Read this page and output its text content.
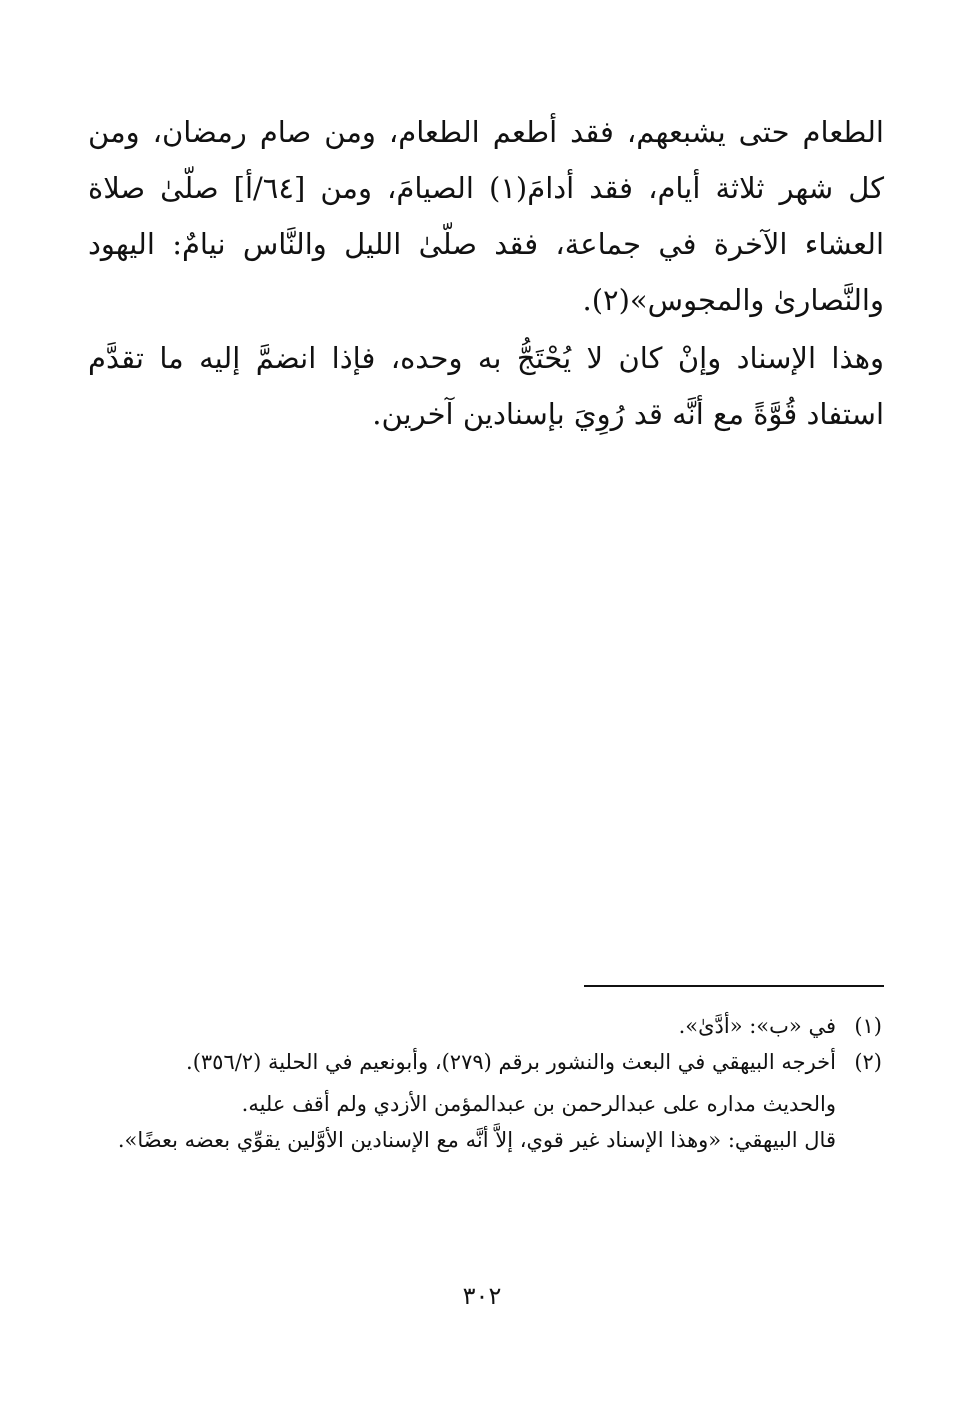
الطعام حتى يشبعهم، فقد أطعم الطعام، ومن صام رمضان، ومن كل شهر ثلاثة أيام، فقد أدامَ(١) الصيامَ، ومن [٦٤/أ] صلّىٰ صلاة العشاء الآخرة في جماعة، فقد صلّىٰ الليل والنَّاس نيامٌ: اليهود والنَّصارىٰ والمجوس»(٢).

وهذا الإسناد وإنْ كان لا يُحْتَجُّ به وحده، فإذا انضمَّ إليه ما تقدَّم استفاد قُوَّةً مع أنَّه قد رُوِيَ بإسنادين آخرين.

(١)
في «ب»: «أدَّىٰ».
(٢)
أخرجه البيهقي في البعث والنشور برقم (٢٧٩)، وأبونعيم في الحلية (٣٥٦/٢).

والحديث مداره على عبدالرحمن بن عبدالمؤمن الأزدي ولم أقف عليه.

قال البيهقي: «وهذا الإسناد غير قوي، إلاَّ أنَّه مع الإسنادين الأوَّلين يقوِّي بعضه بعضًا».

٣٠٢
